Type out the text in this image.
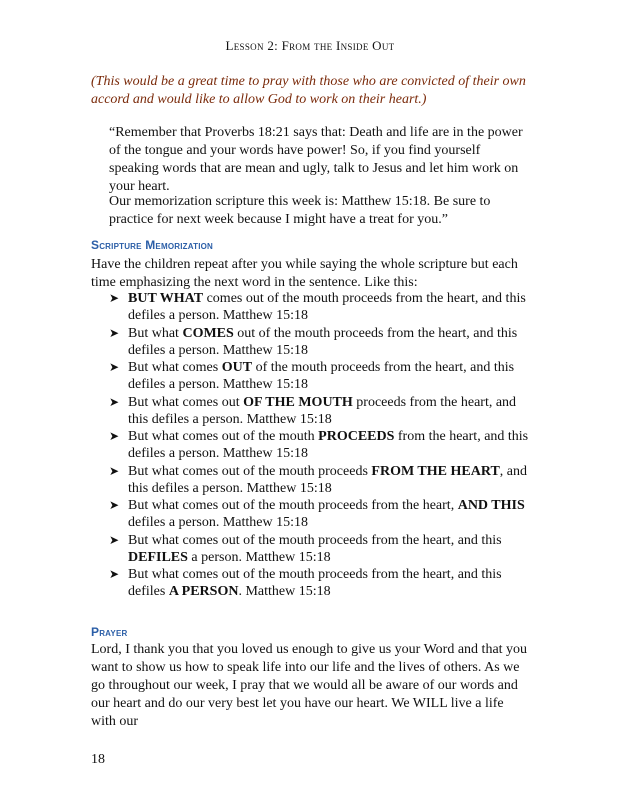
Lesson 2: From the Inside Out
(This would be a great time to pray with those who are convicted of their own accord and would like to allow God to work on their heart.)

“Remember that Proverbs 18:21 says that: Death and life are in the power of the tongue and your words have power! So, if you find yourself speaking words that are mean and ugly, talk to Jesus and let him work on your heart.

Our memorization scripture this week is: Matthew 15:18. Be sure to practice for next week because I might have a treat for you.”

Scripture Memorization
Have the children repeat after you while saying the whole scripture but each time emphasizing the next word in the sentence. Like this:
➤ BUT WHAT comes out of the mouth proceeds from the heart, and this defiles a person. Matthew 15:18
➤ But what COMES out of the mouth proceeds from the heart, and this defiles a person. Matthew 15:18
➤ But what comes OUT of the mouth proceeds from the heart, and this defiles a person. Matthew 15:18
➤ But what comes out OF THE MOUTH proceeds from the heart, and this defiles a person. Matthew 15:18
➤ But what comes out of the mouth PROCEEDS from the heart, and this defiles a person. Matthew 15:18
➤ But what comes out of the mouth proceeds FROM THE HEART, and this defiles a person. Matthew 15:18
➤ But what comes out of the mouth proceeds from the heart, AND THIS defiles a person. Matthew 15:18
➤ But what comes out of the mouth proceeds from the heart, and this DEFILES a person. Matthew 15:18
➤ But what comes out of the mouth proceeds from the heart, and this defiles A PERSON. Matthew 15:18
Prayer
Lord, I thank you that you loved us enough to give us your Word and that you want to show us how to speak life into our life and the lives of others. As we go throughout our week, I pray that we would all be aware of our words and our heart and do our very best let you have our heart. We WILL live a life with our
18
